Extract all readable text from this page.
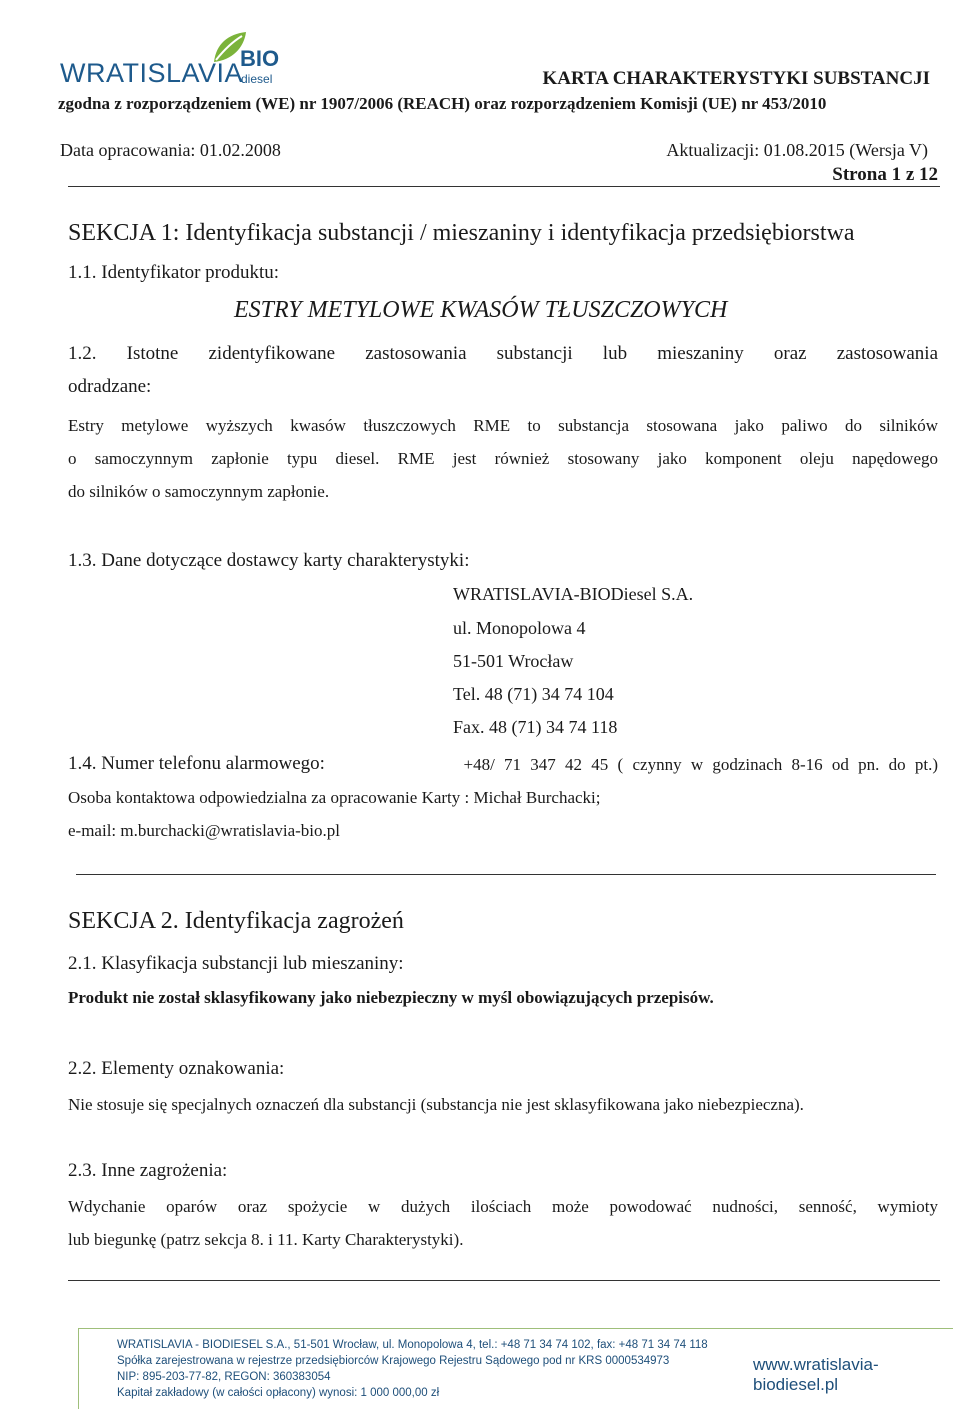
WRATISLAVIA
BIO
diesel	KARTA CHARAKTERYSTYKI SUBSTANCJI
zgodna z rozporządzeniem (WE) nr 1907/2006 (REACH) oraz rozporządzeniem Komisji (UE) nr 453/2010
Data opracowania: 01.02.2008	Aktualizacji: 01.08.2015 (Wersja V)
Strona 1 z 12
SEKCJA 1: Identyfikacja substancji / mieszaniny i identyfikacja przedsiębiorstwa
1.1. Identyfikator produktu:
ESTRY METYLOWE KWASÓW TŁUSZCZOWYCH
1.2. Istotne zidentyfikowane zastosowania substancji lub mieszaniny oraz zastosowania
odradzane:
Estry metylowe wyższych kwasów tłuszczowych RME to substancja stosowana jako paliwo do silników
o samoczynnym zapłonie typu diesel. RME jest również stosowany jako komponent oleju napędowego
do silników o samoczynnym zapłonie.
1.3. Dane dotyczące dostawcy karty charakterystyki:
WRATISLAVIA-BIODiesel S.A.
ul. Monopolowa 4
51-501 Wrocław
Tel. 48 (71) 34 74 104
Fax. 48 (71) 34 74 118
1.4. Numer telefonu alarmowego:	+48/ 71 347 42 45 ( czynny w godzinach 8-16 od pn. do pt.)
Osoba kontaktowa odpowiedzialna za opracowanie Karty : Michał Burchacki;
e-mail: m.burchacki@wratislavia-bio.pl
SEKCJA 2. Identyfikacja zagrożeń
2.1. Klasyfikacja substancji lub mieszaniny:
Produkt nie został sklasyfikowany jako niebezpieczny w myśl obowiązujących przepisów.
2.2. Elementy oznakowania:
Nie stosuje się specjalnych oznaczeń dla substancji (substancja nie jest sklasyfikowana jako niebezpieczna).
2.3. Inne zagrożenia:
Wdychanie oparów oraz spożycie w dużych ilościach może powodować nudności, senność, wymioty
lub biegunkę (patrz sekcja 8. i 11. Karty Charakterystyki).
WRATISLAVIA - BIODIESEL S.A., 51-501 Wrocław, ul. Monopolowa 4, tel.: +48 71 34 74 102, fax: +48 71 34 74 118
Spółka zarejestrowana w rejestrze przedsiębiorców Krajowego Rejestru Sądowego pod nr KRS 0000534973
NIP: 895-203-77-82, REGON: 360383054
Kapitał zakładowy (w całości opłacony) wynosi: 1 000 000,00 zł
www.wratislavia-biodiesel.pl
